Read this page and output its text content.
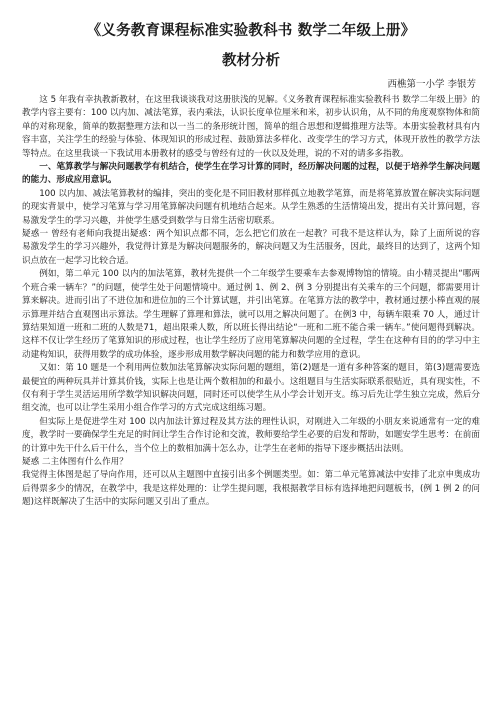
《义务教育课程标准实验教科书 数学二年级上册》
教材分析
西樵第一小学 李银芳

这 5 年我有幸执教新教材，在这里我谈谈我对这册肤浅的见解。《义务教育课程标准实验教科书 数学二年级上册》的教学内容主要有：100 以内加、减法笔算，表内乘法，认识长度单位厘米和米，初步认识角，从不同的角度观察物体和简单的对称现象，简单的数据整理方法和以一当二的条形统计图，简单的组合思想和逻辑推理方法等。本册实验教材具有内容丰富，关注学生的经验与体验、体现知识的形成过程、鼓励算法多样化、改变学生的学习方式，体现开放性的教学方法等特点。在这里我谈一下我试用本册教材的感受与曾经有过的一伙以及处理，说的不对的请多多指教。

一、笔算教学与解决问题教学有机结合，使学生在学习计算的同时，经历解决问题的过程，以便于培养学生解决问题的能力、形成应用意识。

100 以内加、减法笔算教材的编排，突出的变化是不同旧教材那样孤立地教学笔算，而是将笔算放置在解决实际问题的现实背景中，使学习笔算与学习用笔算解决问题有机地结合起来。从学生熟悉的生活情境出发，提出有关计算问题，容易激发学生的学习兴趣，并使学生感受到数学与日常生活密切联系。

疑惑一 曾经有老师向我提出疑惑：两个知识点都不同，怎么把它们放在一起教？可我不是这样认为，除了上面所说的容易激发学生的学习兴趣外，我觉得计算是为解决问题服务的，解决问题又为生活服务，因此，最终目的达到了，这两个知识点放在一起学习比较合适。

例如，第二单元 100 以内的加法笔算，教材先提供一个二年级学生要乘车去参观博物馆的情境。由小精灵提出“哪两个班合乘一辆车？”的问题，使学生处于问题情境中。通过例 1、例 2、例 3 分别提出有关乘车的三个问题，都需要用计算来解决。进而引出了不进位加和进位加的三个计算试题，并引出笔算。在笔算方法的教学中，教材通过摆小棒直观的展示算理并结合直观图出示算法。学生理解了算理和算法，就可以用之解决问题了。在例3 中，每辆车限乘 70 人，通过计算结果知道一班和二班的人数是71，超出限乘人数，所以班长得出结论“一班和二班不能合乘一辆车。”使问题得到解决。这样不仅让学生经历了笔算知识的形成过程，也让学生经历了应用笔算解决问题的全过程，学生在这种有目的的学习中主动建构知识，获得用数学的成功体验，逐步形成用数学解决问题的能力和数学应用的意识。

又如：第 10 题是一个利用两位数加法笔算解决实际问题的题组，第(2)题是一道有多种答案的题目，第(3)题需要选最便宜的两种玩具并计算其价钱，实际上也是让两个数相加的和最小。这组题目与生活实际联系很贴近，具有现实性，不仅有利于学生灵活运用所学数学知识解决问题，同时还可以使学生从小学会计划开支。练习后先让学生独立完成，然后分组交流，也可以让学生采用小组合作学习的方式完成这组练习题。

但实际上是促进学生对 100 以内加法计算过程及其方法的理性认识，对刚进入二年级的小朋友来说通常有一定的难度，教学时一要确保学生充足的时间让学生合作讨论和交流，教师要给学生必要的启发和帮助，如题安学生思考：在前面的计算中先干什么后干什么，当个位上的数相加满十怎么办，让学生在老师的指导下逐步概括出法则。

疑惑 二主体图有什么作用？

我觉得主体图是起了导向作用，还可以从主题图中直接引出多个例题类型。如：第二单元笔算减法中安排了北京申奥成功后得票多少的情况，在教学中，我是这样处理的：让学生提问题，我根据教学目标有选择地把问题板书，(例 1 例 2 的问题)这样既解决了生活中的实际问题又引出了重点。
